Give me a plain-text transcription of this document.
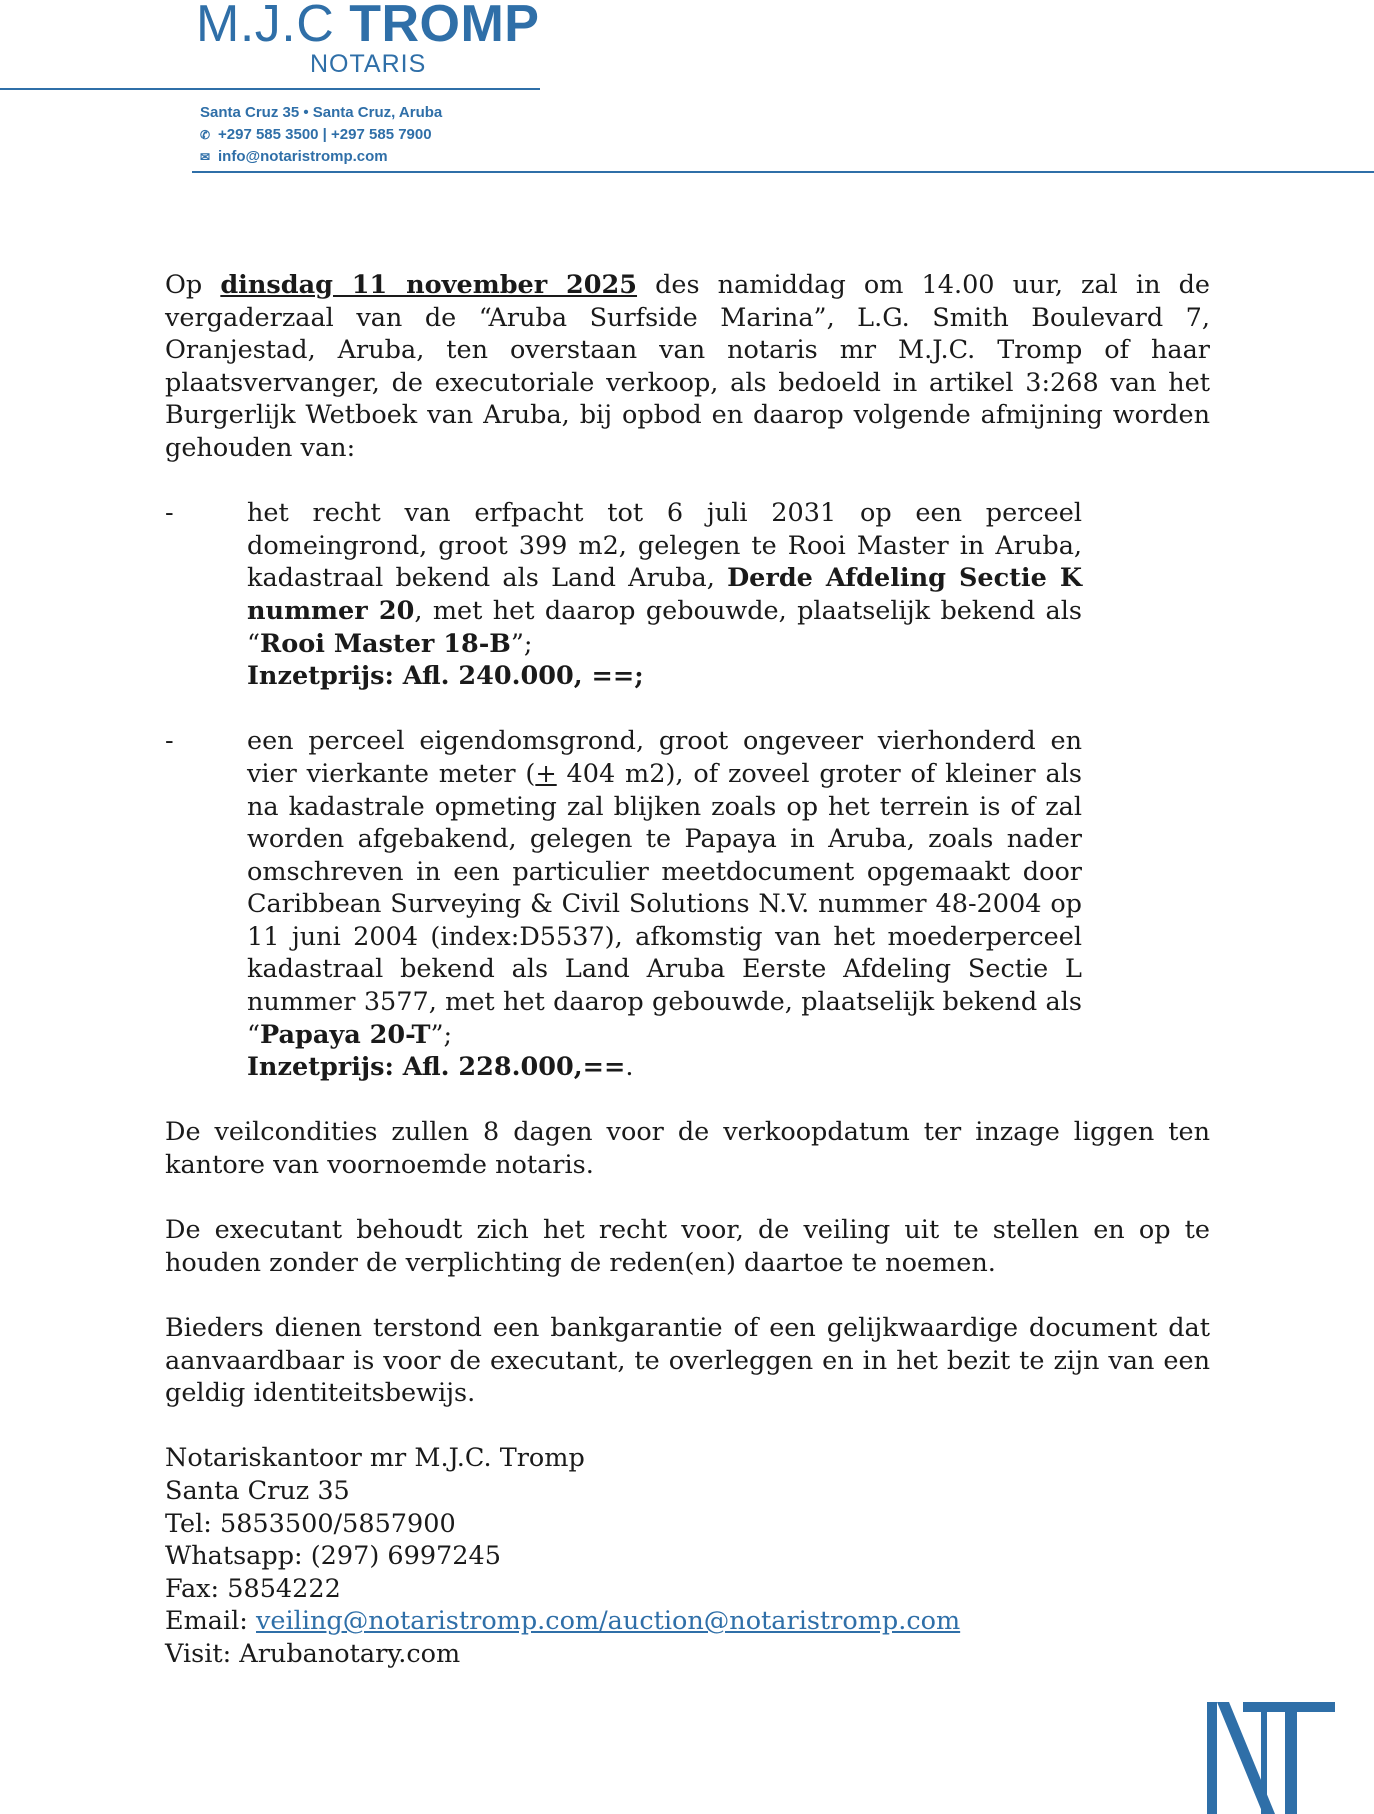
M.J.C TROMP
NOTARIS
Santa Cruz 35 • Santa Cruz, Aruba
✆ +297 585 3500 | +297 585 7900
✉ info@notaristromp.com

Op dinsdag 11 november 2025 des namiddag om 14.00 uur, zal in de vergaderzaal van de “Aruba Surfside Marina”, L.G. Smith Boulevard 7, Oranjestad, Aruba, ten overstaan van notaris mr M.J.C. Tromp of haar plaatsvervanger, de executoriale verkoop, als bedoeld in artikel 3:268 van het Burgerlijk Wetboek van Aruba, bij opbod en daarop volgende afmijning worden gehouden van:

-	het recht van erfpacht tot 6 juli 2031 op een perceel domeingrond, groot 399 m2, gelegen te Rooi Master in Aruba, kadastraal bekend als Land Aruba, Derde Afdeling Sectie K nummer 20, met het daarop gebouwde, plaatselijk bekend als “Rooi Master 18-B”;

Inzetprijs: Afl. 240.000, ==;

-	een perceel eigendomsgrond, groot ongeveer vierhonderd en vier vierkante meter (+ 404 m2), of zoveel groter of kleiner als na kadastrale opmeting zal blijken zoals op het terrein is of zal worden afgebakend, gelegen te Papaya in Aruba, zoals nader omschreven in een particulier meetdocument opgemaakt door Caribbean Surveying & Civil Solutions N.V. nummer 48-2004 op 11 juni 2004 (index:D5537), afkomstig van het moederperceel kadastraal bekend als Land Aruba Eerste Afdeling Sectie L nummer 3577, met het daarop gebouwde, plaatselijk bekend als “Papaya 20-T”;

Inzetprijs: Afl. 228.000,==.

De veilcondities zullen 8 dagen voor de verkoopdatum ter inzage liggen ten kantore van voornoemde notaris.

De executant behoudt zich het recht voor, de veiling uit te stellen en op te houden zonder de verplichting de reden(en) daartoe te noemen.

Bieders dienen terstond een bankgarantie of een gelijkwaardige document dat aanvaardbaar is voor de executant, te overleggen en in het bezit te zijn van een geldig identiteitsbewijs.

Notariskantoor mr M.J.C. Tromp
Santa Cruz 35
Tel: 5853500/5857900
Whatsapp: (297) 6997245
Fax: 5854222
Email: veiling@notaristromp.com/auction@notaristromp.com
Visit: Arubanotary.com
